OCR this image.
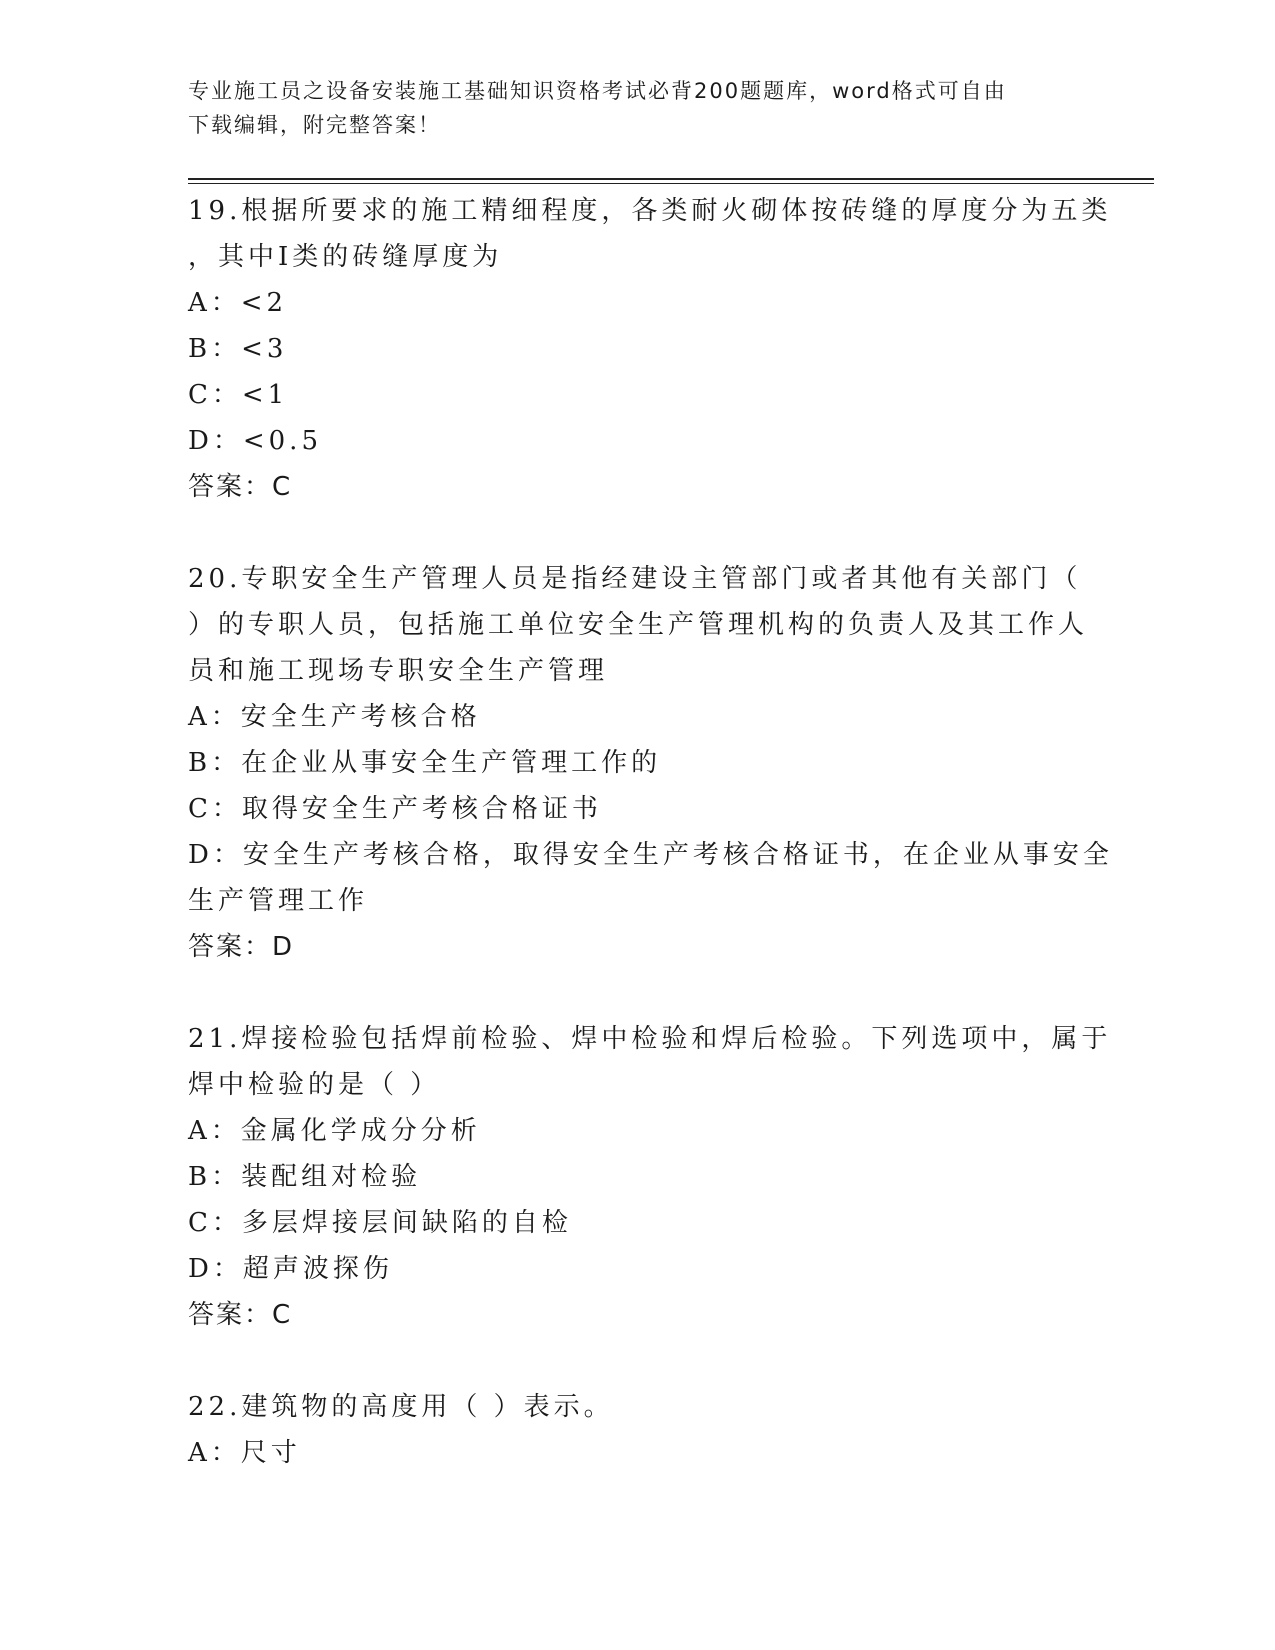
专业施工员之设备安装施工基础知识资格考试必背200题题库，word格式可自由
下载编辑，附完整答案！
19.根据所要求的施工精细程度，各类耐火砌体按砖缝的厚度分为五类
，其中Ⅰ类的砖缝厚度为
A：<2
B：<3
C：<1
D：<0.5
答案：C
20.专职安全生产管理人员是指经建设主管部门或者其他有关部门（
）的专职人员，包括施工单位安全生产管理机构的负责人及其工作人
员和施工现场专职安全生产管理
A：安全生产考核合格
B：在企业从事安全生产管理工作的
C：取得安全生产考核合格证书
D：安全生产考核合格，取得安全生产考核合格证书，在企业从事安全
生产管理工作
答案：D
21.焊接检验包括焊前检验、焊中检验和焊后检验。下列选项中，属于
焊中检验的是（ ）
A：金属化学成分分析
B：装配组对检验
C：多层焊接层间缺陷的自检
D：超声波探伤
答案：C
22.建筑物的高度用（ ）表示。
A：尺寸
